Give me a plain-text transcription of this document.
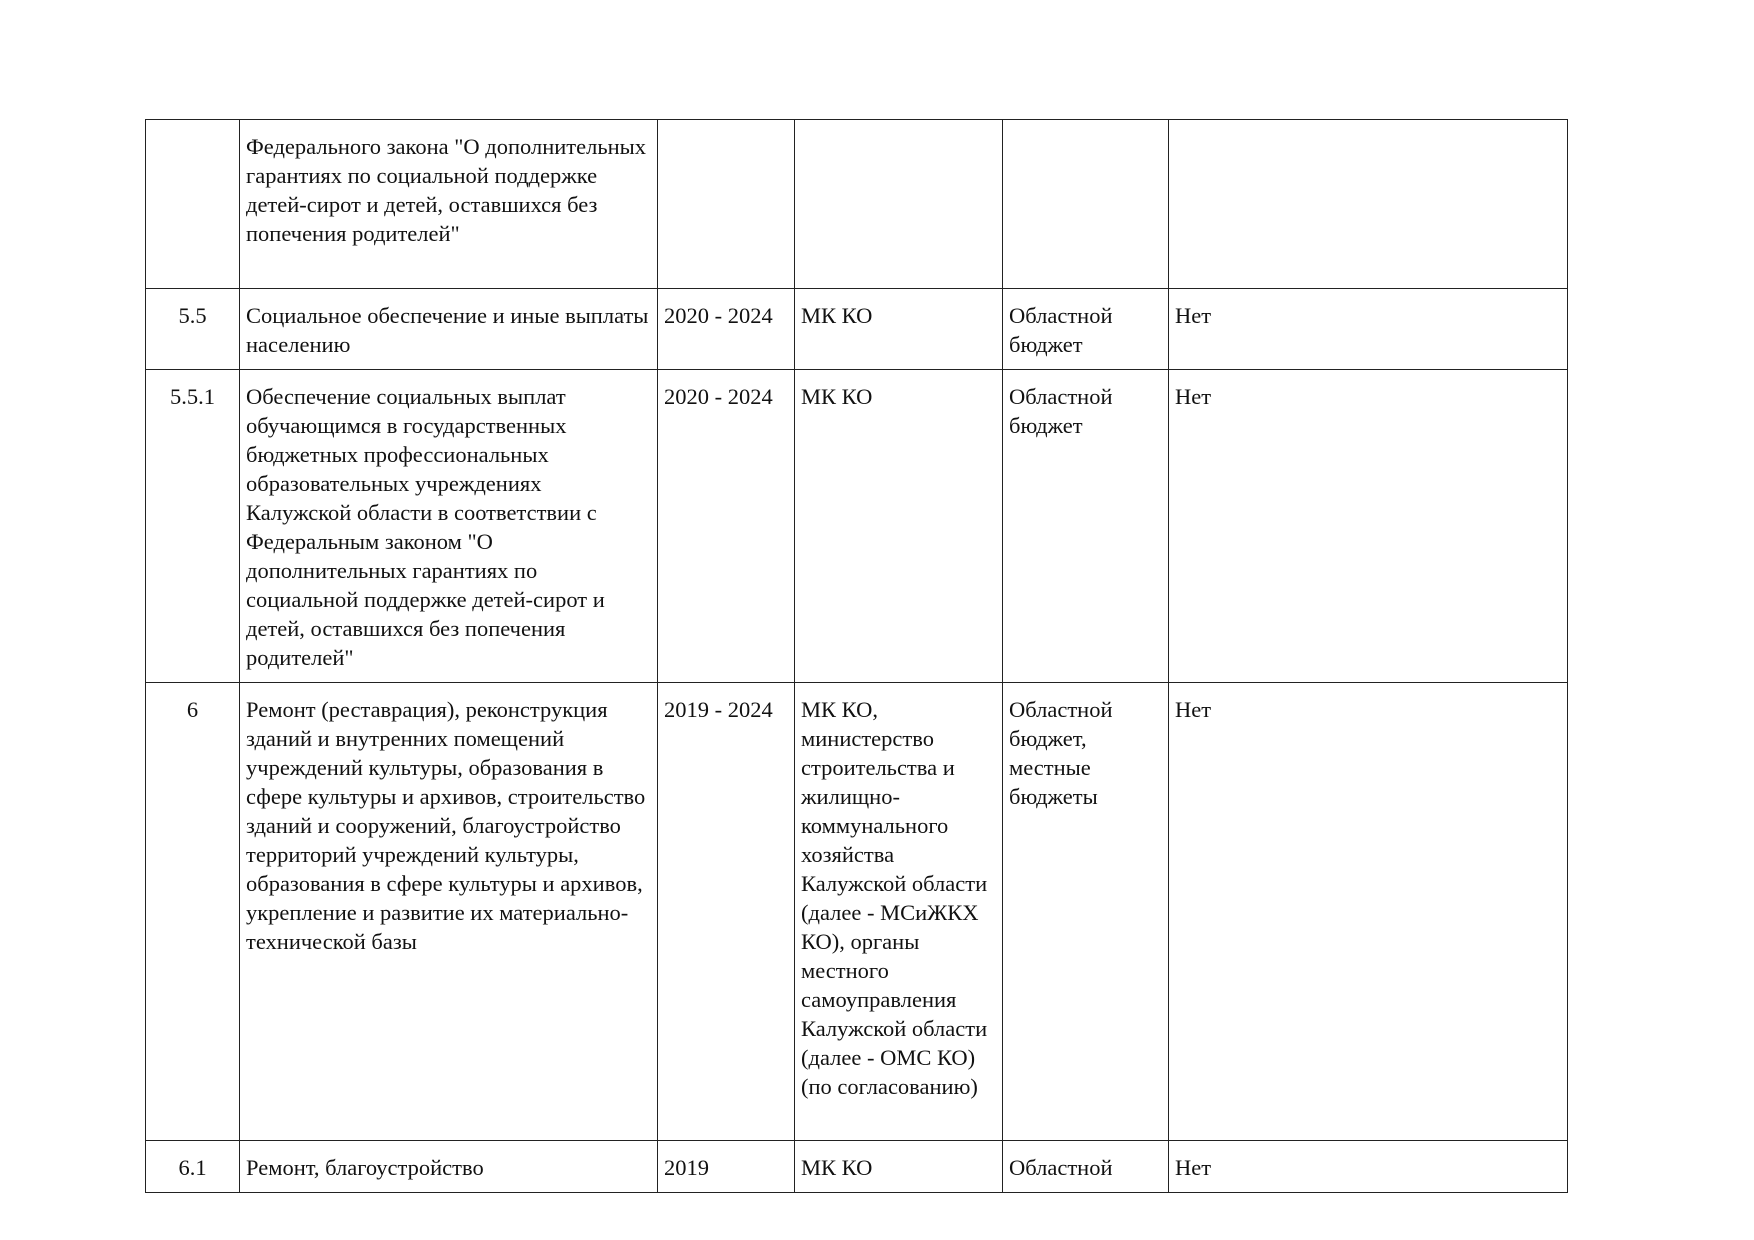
	Федерального закона "О дополнительных гарантиях по социальной поддержке детей-сирот и детей, оставшихся без попечения родителей"				
5.5	Социальное обеспечение и иные выплаты населению	2020 - 2024	МК КО	Областной бюджет	Нет
5.5.1	Обеспечение социальных выплат обучающимся в государственных бюджетных профессиональных образовательных учреждениях Калужской области в соответствии с Федеральным законом "О дополнительных гарантиях по социальной поддержке детей-сирот и детей, оставшихся без попечения родителей"	2020 - 2024	МК КО	Областной бюджет	Нет
6	Ремонт (реставрация), реконструкция зданий и внутренних помещений учреждений культуры, образования в сфере культуры и архивов, строительство зданий и сооружений, благоустройство территорий учреждений культуры, образования в сфере культуры и архивов, укрепление и развитие их материально-технической базы	2019 - 2024	МК КО, министерство строительства и жилищно-коммунального хозяйства Калужской области (далее - МСиЖКХ КО), органы местного самоуправления Калужской области (далее - ОМС КО) (по согласованию)	Областной бюджет, местные бюджеты	Нет
6.1	Ремонт, благоустройство	2019	МК КО	Областной	Нет
